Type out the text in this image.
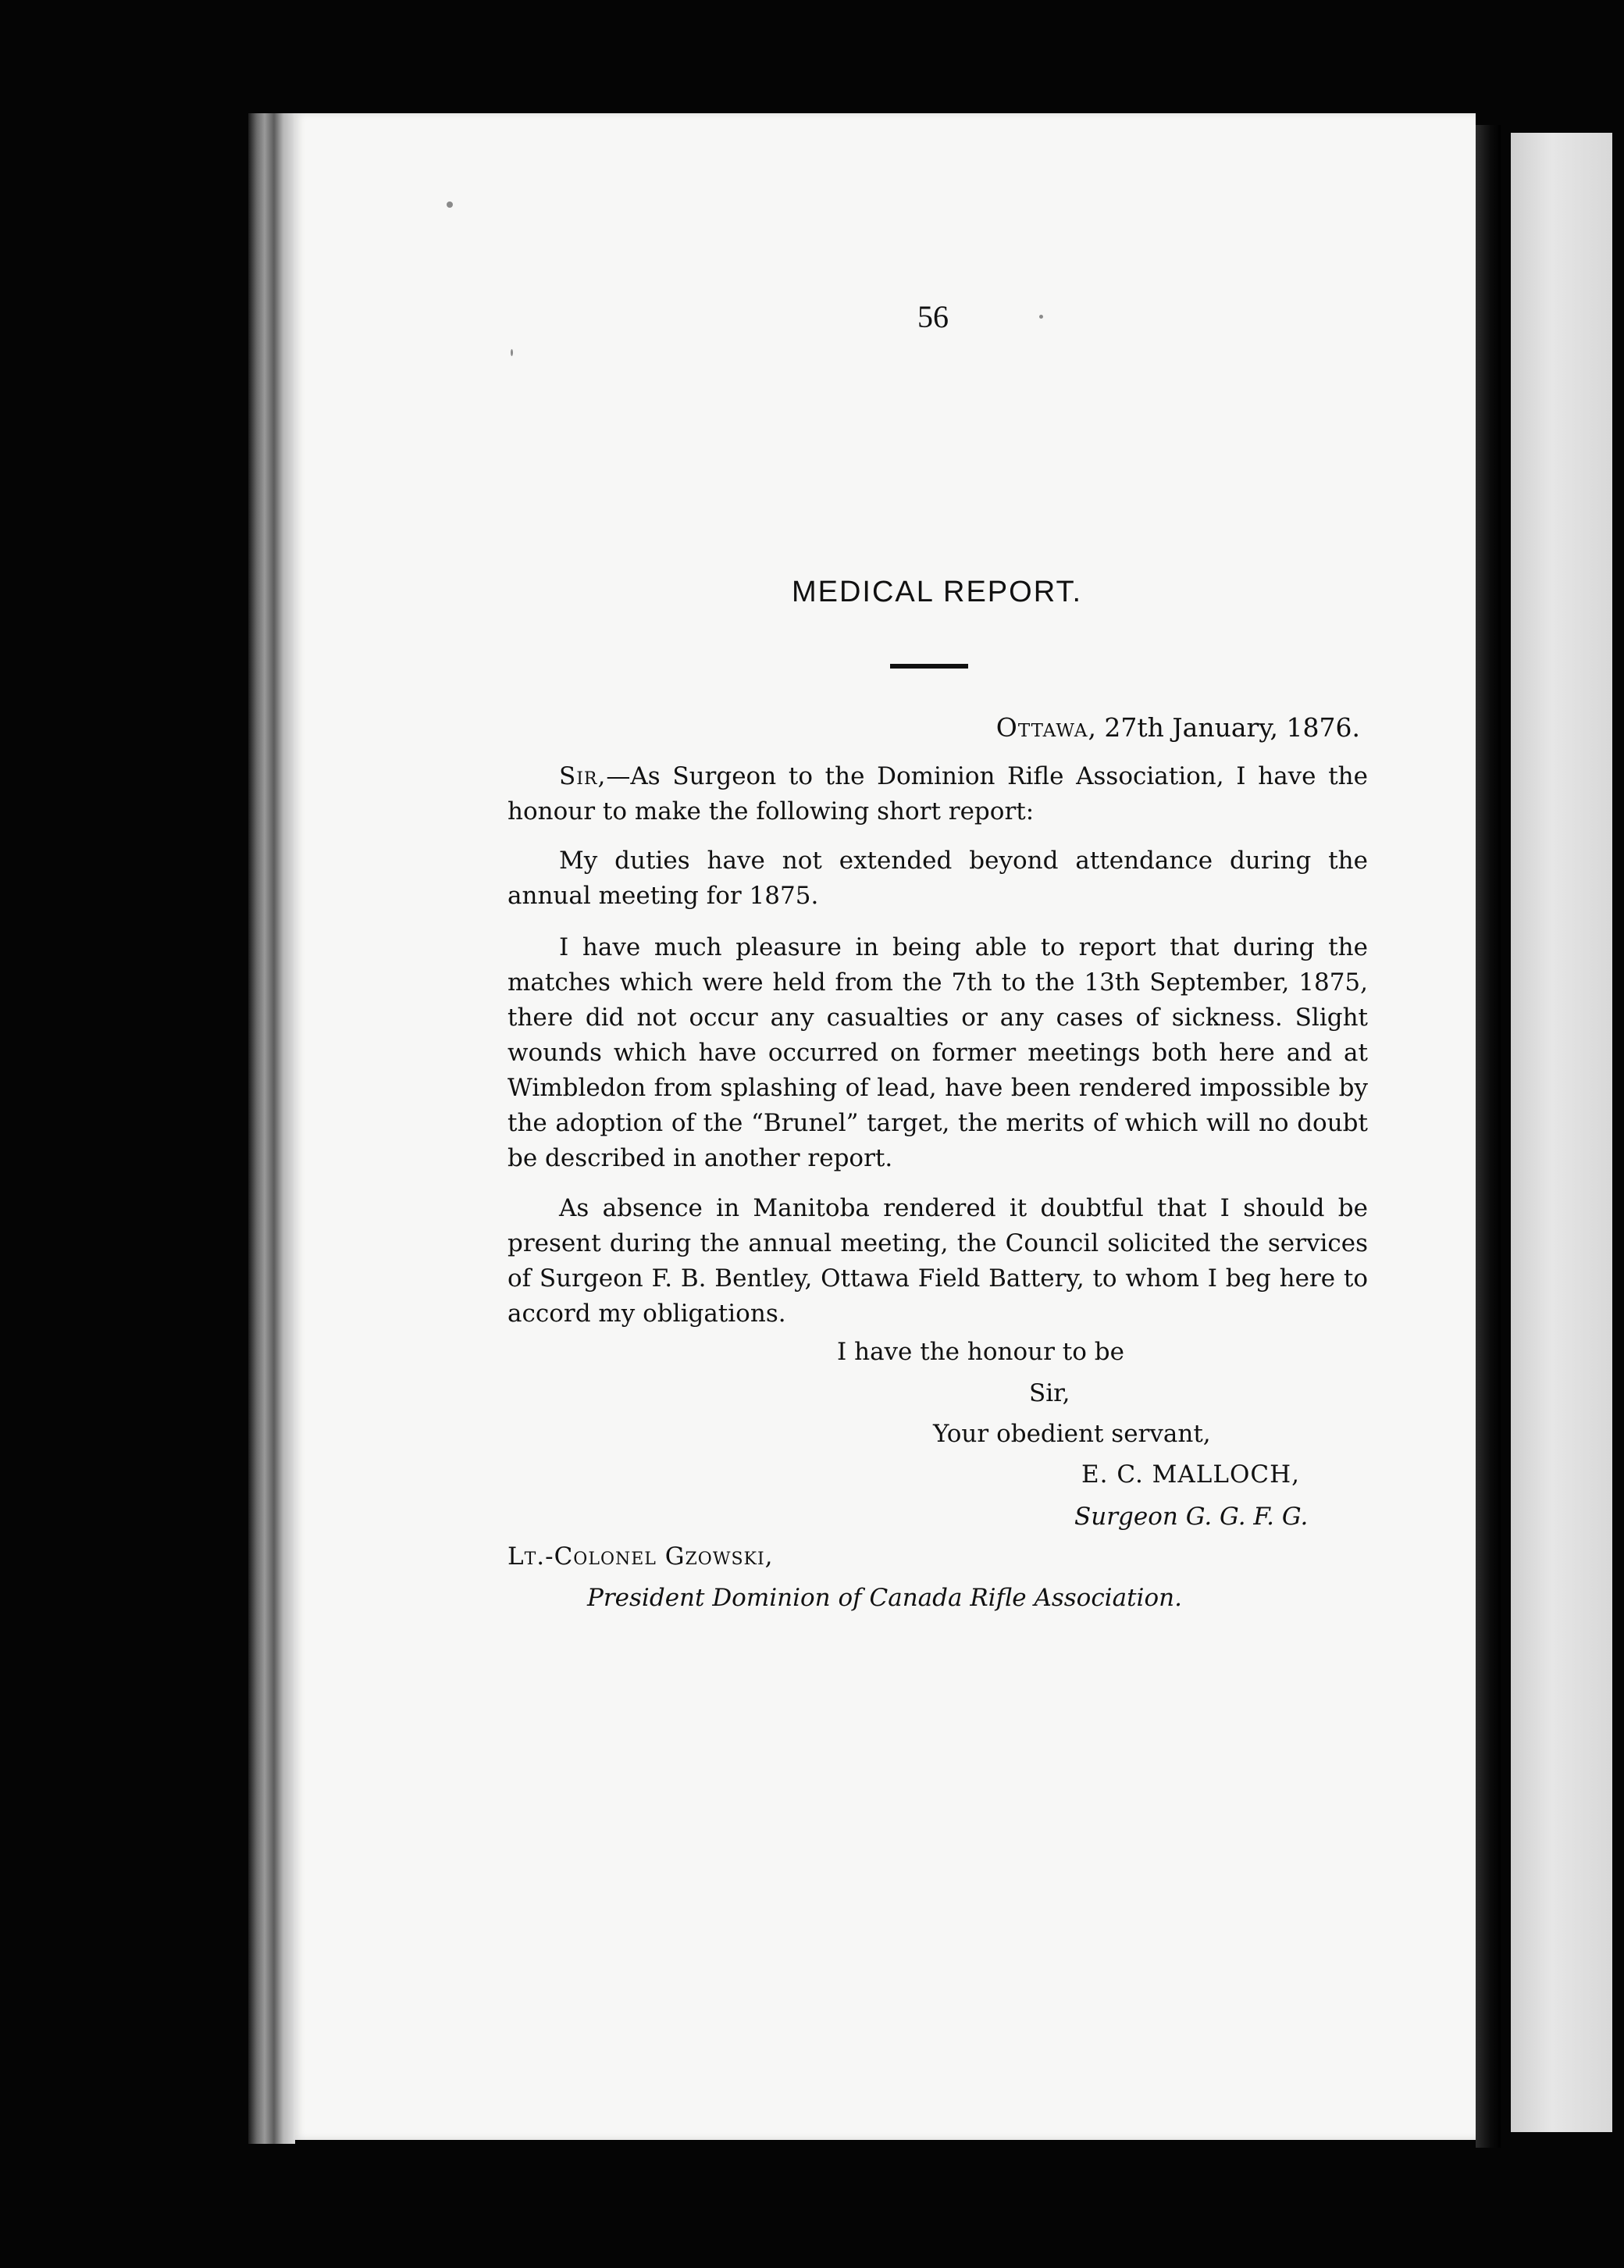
56
MEDICAL REPORT.
Ottawa, 27th January, 1876.

Sir,—As Surgeon to the Dominion Rifle Association, I have the honour to make the following short report:

My duties have not extended beyond attendance during the annual meeting for 1875.

I have much pleasure in being able to report that during the matches which were held from the 7th to the 13th September, 1875, there did not occur any casualties or any cases of sickness. Slight wounds which have occurred on former meetings both here and at Wimbledon from splashing of lead, have been rendered impossible by the adoption of the “Brunel” target, the merits of which will no doubt be described in another report.

As absence in Manitoba rendered it doubtful that I should be present during the annual meeting, the Council solicited the services of Surgeon F. B. Bentley, Ottawa Field Battery, to whom I beg here to accord my obligations.

I have the honour to be
Sir,
Your obedient servant,
E. C. MALLOCH,
Surgeon G. G. F. G.
Lt.-Colonel Gzowski,
President Dominion of Canada Rifle Association.
